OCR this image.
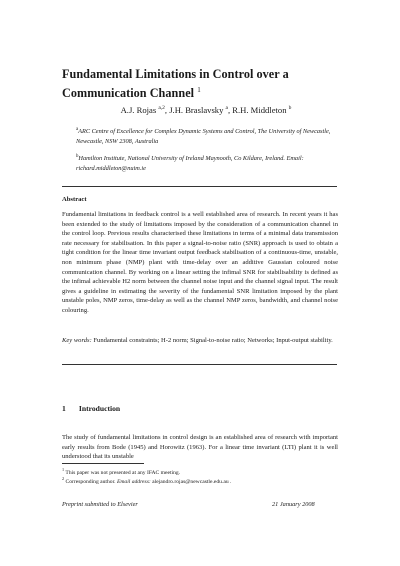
Fundamental Limitations in Control over a Communication Channel $^1$
A.J. Rojas $^{a,2}$, J.H. Braslavsky $^a$, R.H. Middleton $^b$
$^a$ARC Centre of Excellence for Complex Dynamic Systems and Control, The University of Newcastle, Newcastle, NSW 2308, Australia
$^b$Hamilton Institute, National University of Ireland Maynooth, Co Kildare, Ireland. Email: richard.middleton@nuim.ie
Abstract
Fundamental limitations in feedback control is a well established area of research. In recent years it has been extended to the study of limitations imposed by the consideration of a communication channel in the control loop. Previous results characterised these limitations in terms of a minimal data transmission rate necessary for stabilisation. In this paper a signal-to-noise ratio (SNR) approach is used to obtain a tight condition for the linear time invariant output feedback stabilisation of a continuous-time, unstable, non minimum phase (NMP) plant with time-delay over an additive Gaussian coloured noise communication channel. By working on a linear setting the infimal SNR for stabilisability is defined as the infimal achievable H2 norm between the channel noise input and the channel signal input. The result gives a guideline in estimating the severity of the fundamental SNR limitation imposed by the plant unstable poles, NMP zeros, time-delay as well as the channel NMP zeros, bandwidth, and channel noise colouring.
Key words: Fundamental constraints; H-2 norm; Signal-to-noise ratio; Networks; Input-output stability.
1 Introduction
The study of fundamental limitations in control design is an established area of research with important early results from Bode (1945) and Horowitz (1963). For a linear time invariant (LTI) plant it is well understood that its unstable
$^1$ This paper was not presented at any IFAC meeting.
$^2$ Corresponding author. Email address: alejandro.rojas@newcastle.edu.au .
Preprint submitted to Elsevier	21 January 2008
